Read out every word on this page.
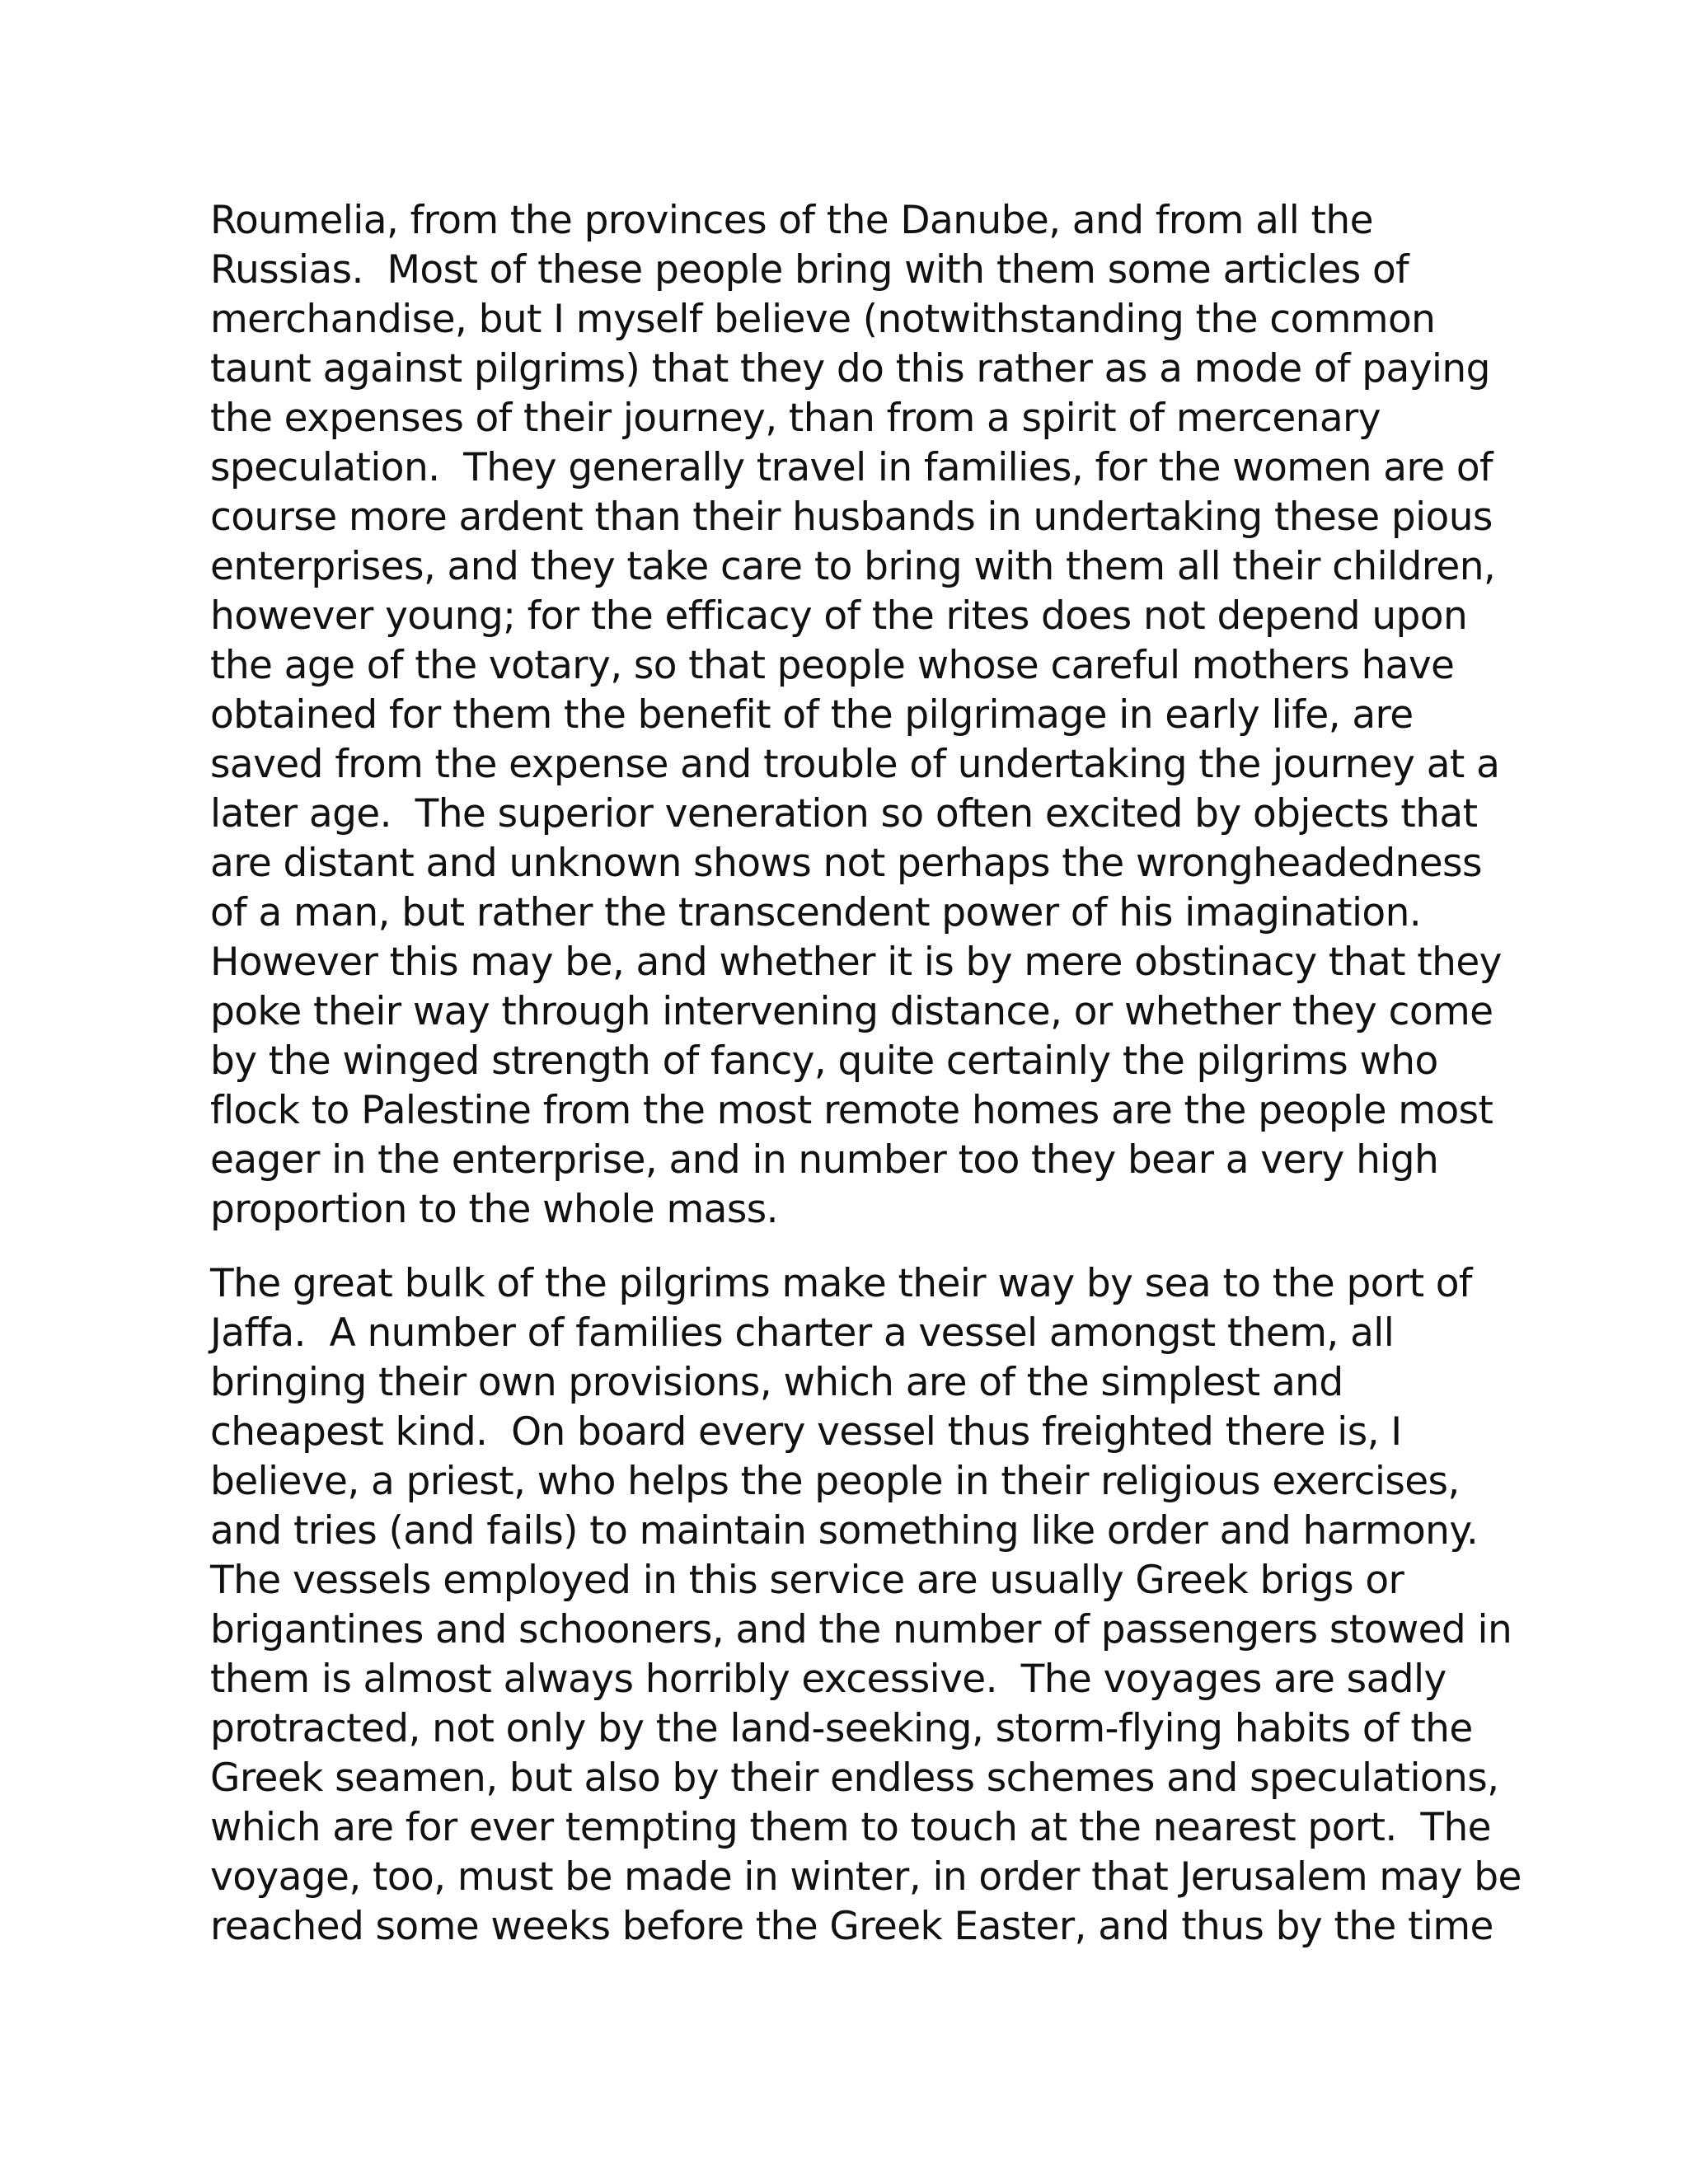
Roumelia, from the provinces of the Danube, and from all the
Russias.  Most of these people bring with them some articles of
merchandise, but I myself believe (notwithstanding the common
taunt against pilgrims) that they do this rather as a mode of paying
the expenses of their journey, than from a spirit of mercenary
speculation.  They generally travel in families, for the women are of
course more ardent than their husbands in undertaking these pious
enterprises, and they take care to bring with them all their children,
however young; for the efficacy of the rites does not depend upon
the age of the votary, so that people whose careful mothers have
obtained for them the benefit of the pilgrimage in early life, are
saved from the expense and trouble of undertaking the journey at a
later age.  The superior veneration so often excited by objects that
are distant and unknown shows not perhaps the wrongheadedness
of a man, but rather the transcendent power of his imagination.
However this may be, and whether it is by mere obstinacy that they
poke their way through intervening distance, or whether they come
by the winged strength of fancy, quite certainly the pilgrims who
flock to Palestine from the most remote homes are the people most
eager in the enterprise, and in number too they bear a very high
proportion to the whole mass.
The great bulk of the pilgrims make their way by sea to the port of
Jaffa.  A number of families charter a vessel amongst them, all
bringing their own provisions, which are of the simplest and
cheapest kind.  On board every vessel thus freighted there is, I
believe, a priest, who helps the people in their religious exercises,
and tries (and fails) to maintain something like order and harmony.
The vessels employed in this service are usually Greek brigs or
brigantines and schooners, and the number of passengers stowed in
them is almost always horribly excessive.  The voyages are sadly
protracted, not only by the land-seeking, storm-flying habits of the
Greek seamen, but also by their endless schemes and speculations,
which are for ever tempting them to touch at the nearest port.  The
voyage, too, must be made in winter, in order that Jerusalem may be
reached some weeks before the Greek Easter, and thus by the time
